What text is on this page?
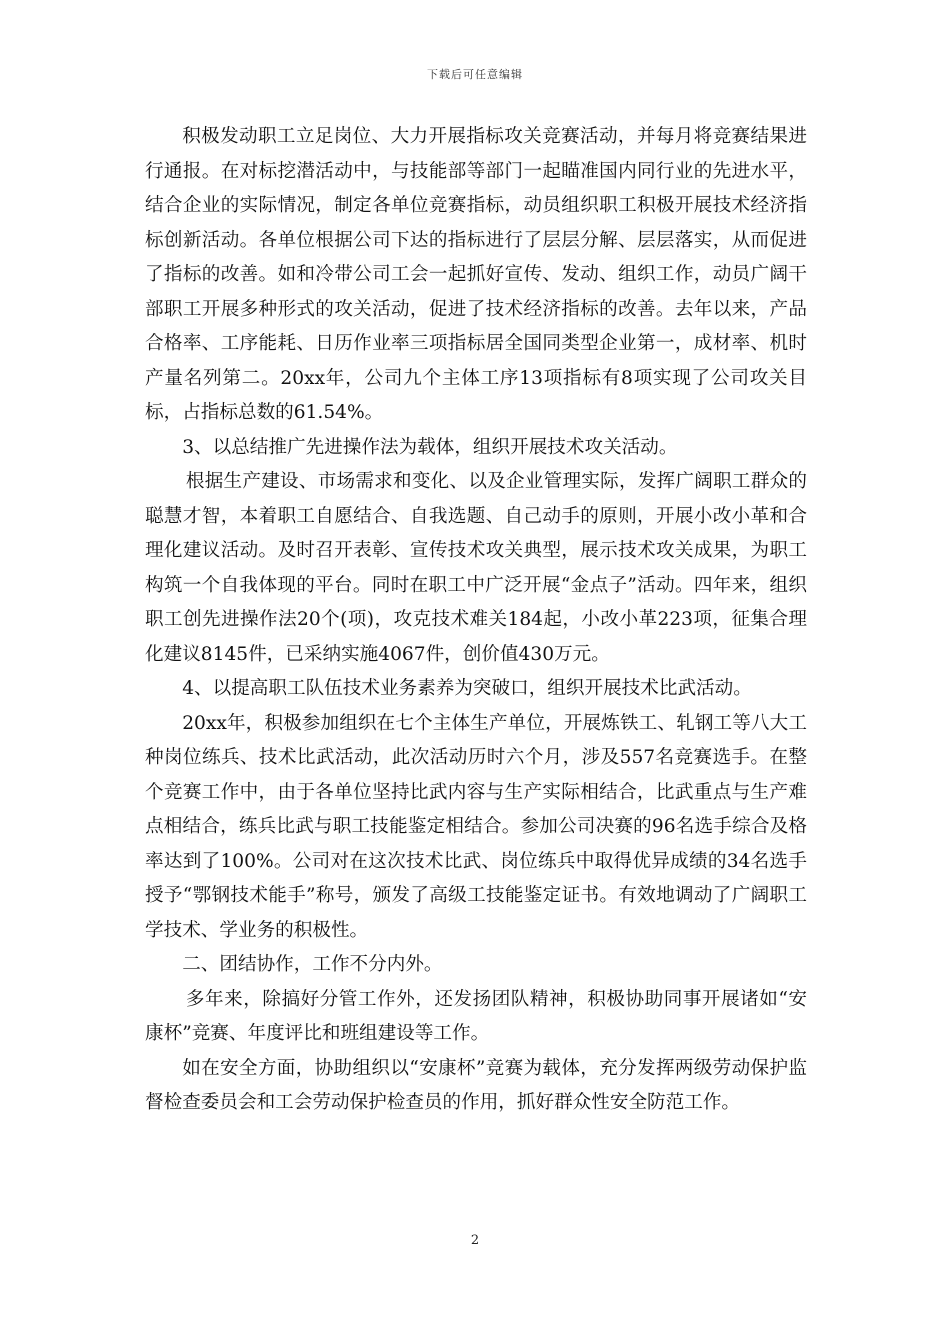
下载后可任意编辑

积极发动职工立足岗位、大力开展指标攻关竞赛活动，并每月将竞赛结果进行通报。在对标挖潜活动中，与技能部等部门一起瞄准国内同行业的先进水平，结合企业的实际情况，制定各单位竞赛指标，动员组织职工积极开展技术经济指标创新活动。各单位根据公司下达的指标进行了层层分解、层层落实，从而促进了指标的改善。如和冷带公司工会一起抓好宣传、发动、组织工作，动员广阔干部职工开展多种形式的攻关活动，促进了技术经济指标的改善。去年以来，产品合格率、工序能耗、日历作业率三项指标居全国同类型企业第一，成材率、机时产量名列第二。20xx年，公司九个主体工序13项指标有8项实现了公司攻关目标，占指标总数的61.54%。

3、以总结推广先进操作法为载体，组织开展技术攻关活动。

根据生产建设、市场需求和变化、以及企业管理实际，发挥广阔职工群众的聪慧才智，本着职工自愿结合、自我选题、自己动手的原则，开展小改小革和合理化建议活动。及时召开表彰、宣传技术攻关典型，展示技术攻关成果，为职工构筑一个自我体现的平台。同时在职工中广泛开展“金点子”活动。四年来，组织职工创先进操作法20个(项)，攻克技术难关184起，小改小革223项，征集合理化建议8145件，已采纳实施4067件，创价值430万元。

4、以提高职工队伍技术业务素养为突破口，组织开展技术比武活动。

20xx年，积极参加组织在七个主体生产单位，开展炼铁工、轧钢工等八大工种岗位练兵、技术比武活动，此次活动历时六个月，涉及557名竞赛选手。在整个竞赛工作中，由于各单位坚持比武内容与生产实际相结合，比武重点与生产难点相结合，练兵比武与职工技能鉴定相结合。参加公司决赛的96名选手综合及格率达到了100%。公司对在这次技术比武、岗位练兵中取得优异成绩的34名选手授予“鄂钢技术能手”称号，颁发了高级工技能鉴定证书。有效地调动了广阔职工学技术、学业务的积极性。

二、团结协作，工作不分内外。

多年来，除搞好分管工作外，还发扬团队精神，积极协助同事开展诸如“安康杯”竞赛、年度评比和班组建设等工作。

如在安全方面，协助组织以“安康杯”竞赛为载体，充分发挥两级劳动保护监督检查委员会和工会劳动保护检查员的作用，抓好群众性安全防范工作。

2
